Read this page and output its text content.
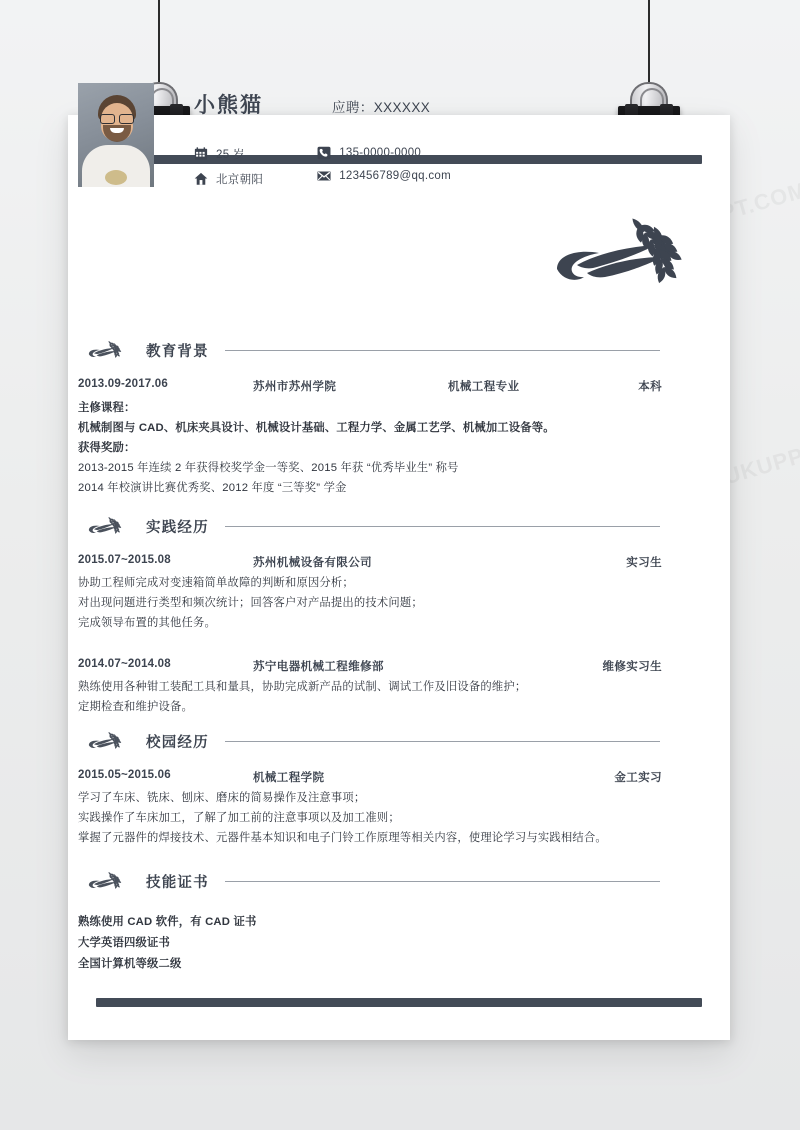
小熊猫	应聘：XXXXXX
25 岁
北京朝阳
135-0000-0000
123456789@qq.com
教育背景
2013.09-2017.06	苏州市苏州学院	机械工程专业	本科
主修课程：
机械制图与 CAD、机床夹具设计、机械设计基础、工程力学、金属工艺学、机械加工设备等。
获得奖励：
2013-2015 年连续 2 年获得校奖学金一等奖、2015 年获 “优秀毕业生” 称号
2014 年校演讲比赛优秀奖、2012 年度 “三等奖” 学金
实践经历
2015.07~2015.08	苏州机械设备有限公司	实习生
协助工程师完成对变速箱简单故障的判断和原因分析；
对出现问题进行类型和频次统计；回答客户对产品提出的技术问题；
完成领导布置的其他任务。
2014.07~2014.08	苏宁电器机械工程维修部	维修实习生
熟练使用各种钳工装配工具和量具，协助完成新产品的试制、调试工作及旧设备的维护；
定期检查和维护设备。
校园经历
2015.05~2015.06	机械工程学院	金工实习
学习了车床、铣床、刨床、磨床的简易操作及注意事项；
实践操作了车床加工，了解了加工前的注意事项以及加工准则；
掌握了元器件的焊接技术、元器件基本知识和电子门铃工作原理等相关内容，使理论学习与实践相结合。
技能证书
熟练使用 CAD 软件，有 CAD 证书
大学英语四级证书
全国计算机等级二级
